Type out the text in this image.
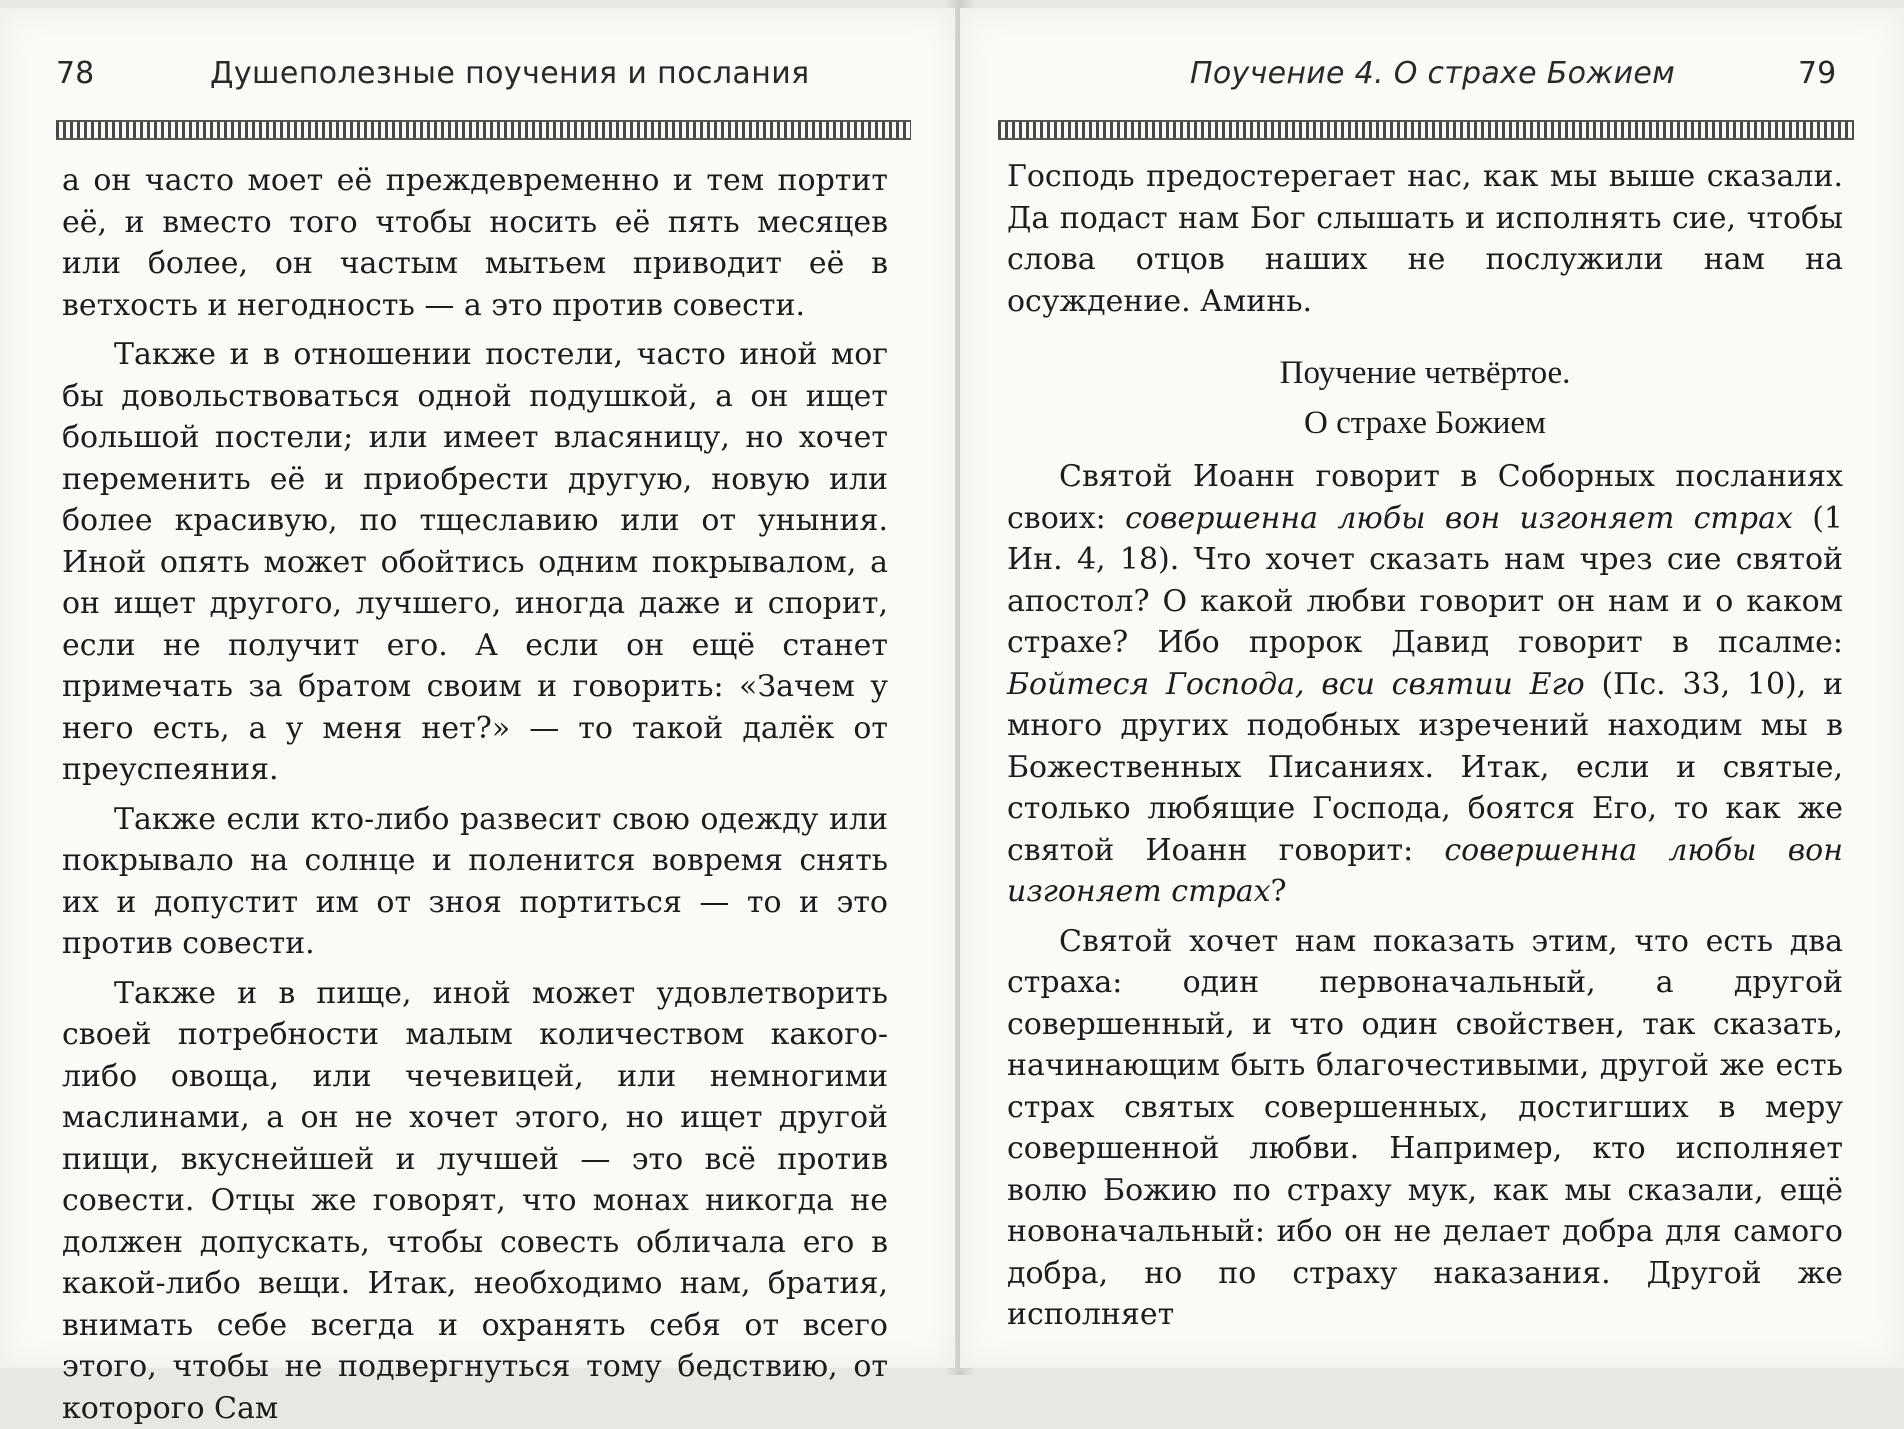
78	Душеполезные поучения и послания

а он часто моет её преждевременно и тем портит её, и вместо того чтобы носить её пять месяцев или более, он частым мытьем приводит её в ветхость и негодность — а это против совести.

Также и в отношении постели, часто иной мог бы довольствоваться одной подушкой, а он ищет большой постели; или имеет власяницу, но хочет переменить её и приобрести другую, новую или более красивую, по тщеславию или от уныния. Иной опять может обойтись одним покрывалом, а он ищет другого, лучшего, иногда даже и спорит, если не получит его. А если он ещё станет примечать за братом своим и говорить: «Зачем у него есть, а у меня нет?» — то такой далёк от преуспеяния.

Также если кто-либо развесит свою одежду или покрывало на солнце и поленится вовремя снять их и допустит им от зноя портиться — то и это против совести.

Также и в пище, иной может удовлетворить своей потребности малым количеством какого-либо овоща, или чечевицей, или немногими маслинами, а он не хочет этого, но ищет другой пищи, вкуснейшей и лучшей — это всё против совести. Отцы же говорят, что монах никогда не должен допускать, чтобы совесть обличала его в какой-либо вещи. Итак, необходимо нам, братия, внимать себе всегда и охранять себя от всего этого, чтобы не подвергнуться тому бедствию, от которого Сам

Поучение 4. О страхе Божием	79

Господь предостерегает нас, как мы выше сказали. Да подаст нам Бог слышать и исполнять сие, чтобы слова отцов наших не послужили нам на осуждение. Аминь.

Поучение четвёртое.

О страхе Божием

Святой Иоанн говорит в Соборных посланиях своих: совершенна любы вон изгоняет страх (1 Ин. 4, 18). Что хочет сказать нам чрез сие святой апостол? О какой любви говорит он нам и о каком страхе? Ибо пророк Давид говорит в псалме: Бойтеся Господа, вси святии Его (Пс. 33, 10), и много других подобных изречений находим мы в Божественных Писаниях. Итак, если и святые, столько любящие Господа, боятся Его, то как же святой Иоанн говорит: совершенна любы вон изгоняет страх?

Святой хочет нам показать этим, что есть два страха: один первоначальный, а другой совершенный, и что один свойствен, так сказать, начинающим быть благочестивыми, другой же есть страх святых совершенных, достигших в меру совершенной любви. Например, кто исполняет волю Божию по страху мук, как мы сказали, ещё новоначальный: ибо он не делает добра для самого добра, но по страху наказания. Другой же исполняет
